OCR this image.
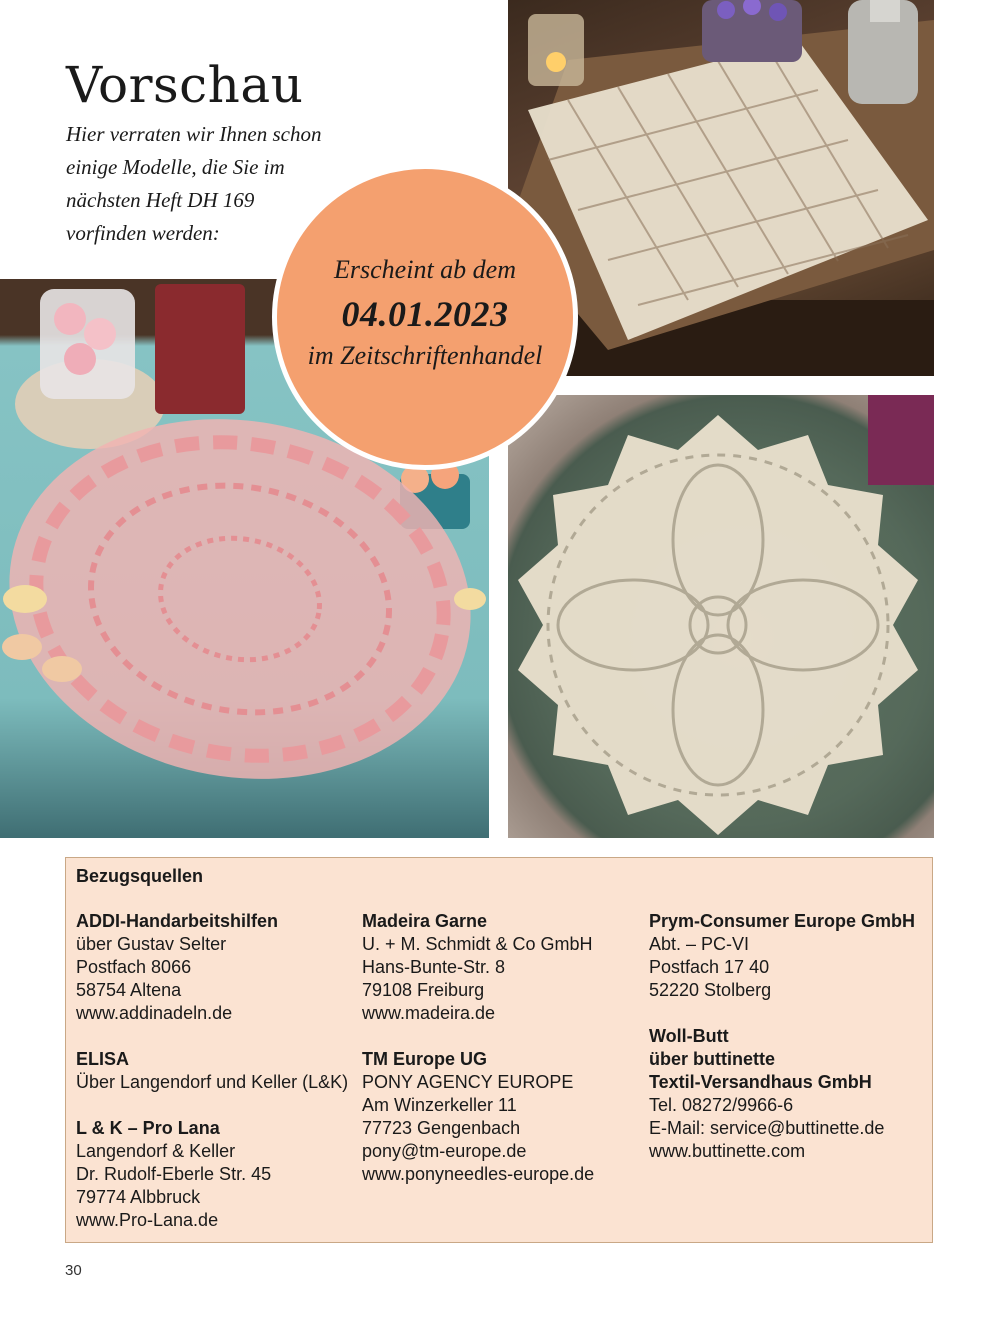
Vorschau
Hier verraten wir Ihnen schon
einige Modelle, die Sie im
nächsten Heft DH 169
vorfinden werden:
Erscheint ab dem
04.01.2023
im Zeitschriftenhandel
Bezugsquellen
ADDI-Handarbeitshilfen
über Gustav Selter
Postfach 8066
58754 Altena
www.addinadeln.de
ELISA
Über Langendorf und Keller (L&K)
L & K – Pro Lana
Langendorf & Keller
Dr. Rudolf-Eberle Str. 45
79774 Albbruck
www.Pro-Lana.de
Madeira Garne
U. + M. Schmidt & Co GmbH
Hans-Bunte-Str. 8
79108 Freiburg
www.madeira.de
TM Europe UG
PONY AGENCY EUROPE
Am Winzerkeller 11
77723 Gengenbach
pony@tm-europe.de
www.ponyneedles-europe.de
Prym-Consumer Europe GmbH
Abt. – PC-VI
Postfach 17 40
52220 Stolberg
Woll-Butt
über buttinette
Textil-Versandhaus GmbH
Tel. 08272/9966-6
E-Mail: service@buttinette.de
www.buttinette.com
30
